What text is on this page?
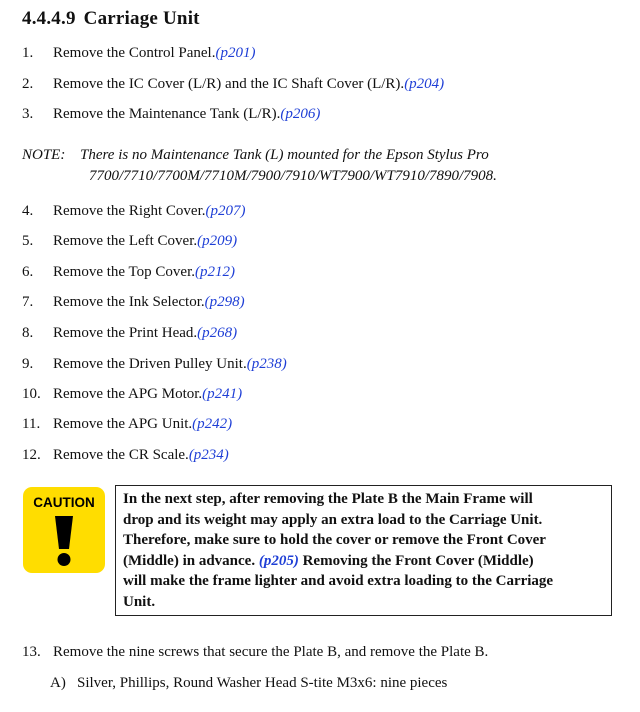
4.4.4.9 Carriage Unit
1. Remove the Control Panel.(p201)
2. Remove the IC Cover (L/R) and the IC Shaft Cover (L/R).(p204)
3. Remove the Maintenance Tank (L/R).(p206)
NOTE: There is no Maintenance Tank (L) mounted for the Epson Stylus Pro
7700/7710/7700M/7710M/7900/7910/WT7900/WT7910/7890/7908.
4. Remove the Right Cover.(p207)
5. Remove the Left Cover.(p209)
6. Remove the Top Cover.(p212)
7. Remove the Ink Selector.(p298)
8. Remove the Print Head.(p268)
9. Remove the Driven Pulley Unit.(p238)
10. Remove the APG Motor.(p241)
11. Remove the APG Unit.(p242)
12. Remove the CR Scale.(p234)
CAUTION	In the next step, after removing the Plate B the Main Frame will
drop and its weight may apply an extra load to the Carriage Unit.
Therefore, make sure to hold the cover or remove the Front Cover
(Middle) in advance. (p205) Removing the Front Cover (Middle)
will make the frame lighter and avoid extra loading to the Carriage
Unit.
13. Remove the nine screws that secure the Plate B, and remove the Plate B.
A) Silver, Phillips, Round Washer Head S-tite M3x6: nine pieces
